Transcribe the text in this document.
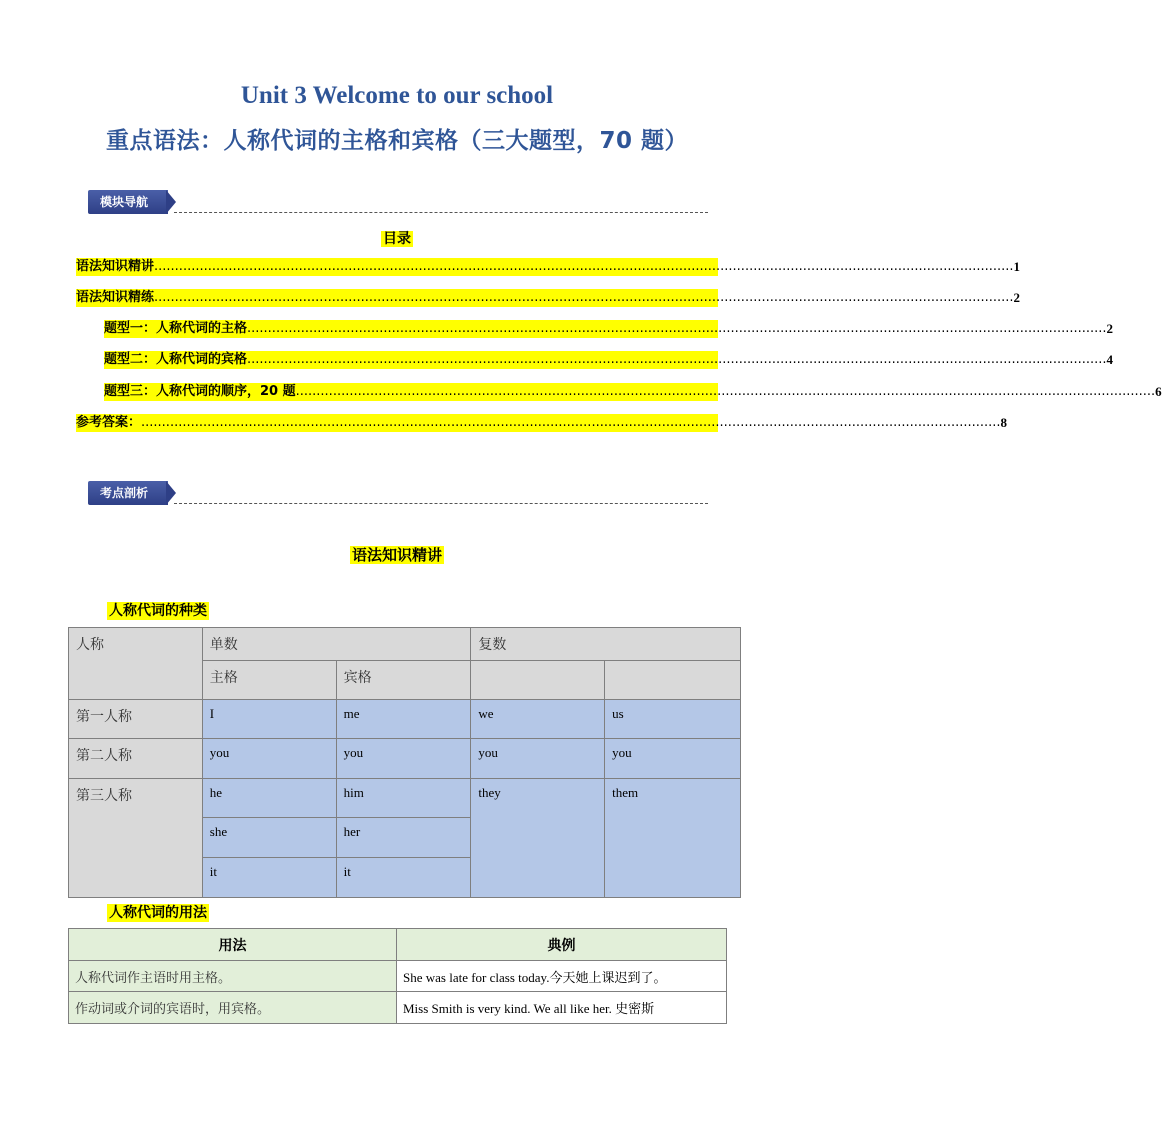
Unit 3 Welcome to our school
重点语法：人称代词的主格和宾格（三大题型，70 题）
模块导航
目录
语法知识精讲 ................................................................................................................................................................................................................ 1
语法知识精练 ................................................................................................................................................................................................................ 2
题型一：人称代词的主格 ................................................................................................................................................................................................................ 2
题型二：人称代词的宾格 ................................................................................................................................................................................................................ 4
题型三：人称代词的顺序，20 题 ................................................................................................................................................................................................................ 6
参考答案： ................................................................................................................................................................................................................ 8
考点剖析
语法知识精讲
人称代词的种类
人称	单数		复数	
	主格	宾格		
第一人称	I	me	we	us
第二人称	you	you	you	you
第三人称	he	him	they	them
	she	her		
	it	it		
人称代词的用法
用法	典例
人称代词作主语时用主格。	She was late for class today.今天她上课迟到了。
作动词或介词的宾语时，用宾格。	Miss Smith is very kind. We all like her. 史密斯
